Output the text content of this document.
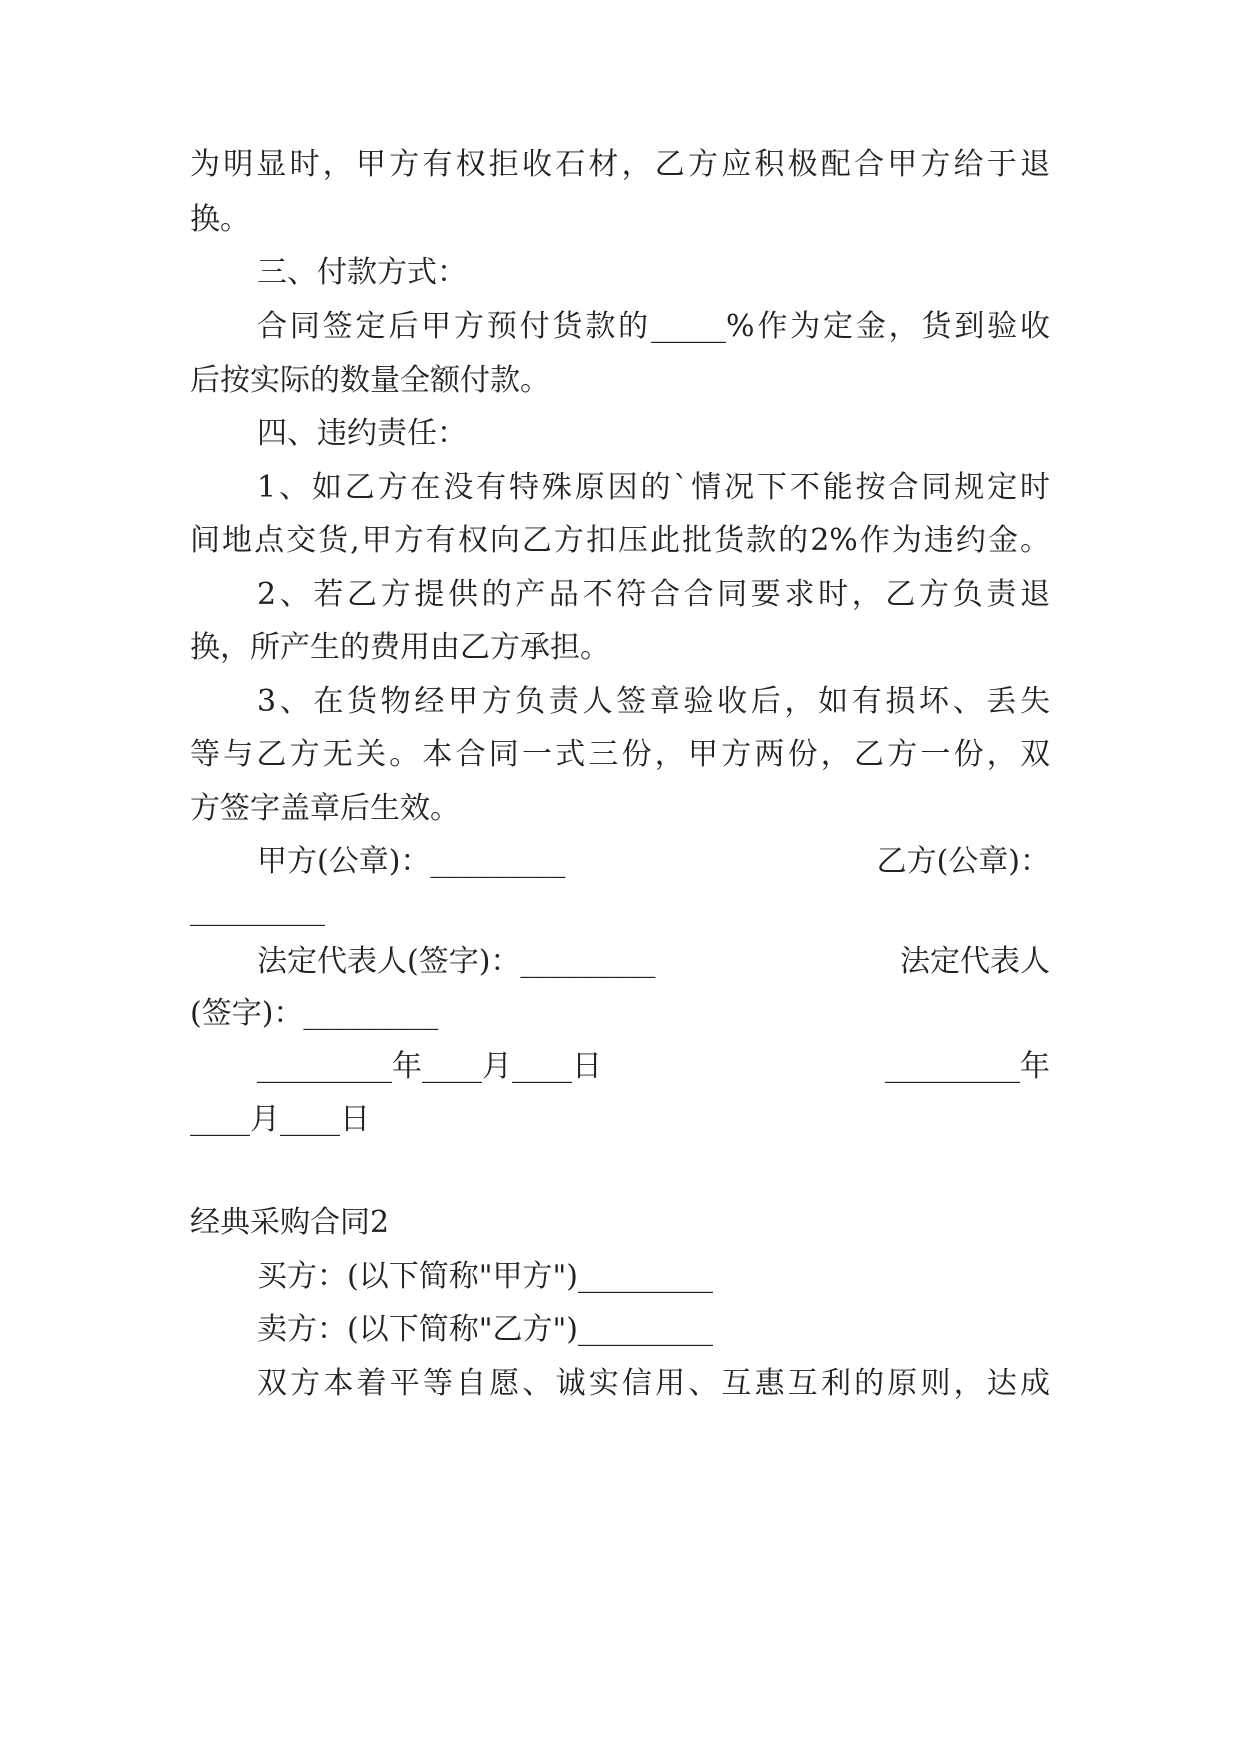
为明显时，甲方有权拒收石材，乙方应积极配合甲方给于退
换。
三、付款方式：
合同签定后甲方预付货款的_____%作为定金，货到验收
后按实际的数量全额付款。
四、违约责任：
1、如乙方在没有特殊原因的`情况下不能按合同规定时
间地点交货,甲方有权向乙方扣压此批货款的2%作为违约金。
2、若乙方提供的产品不符合合同要求时，乙方负责退
换，所产生的费用由乙方承担。
3、在货物经甲方负责人签章验收后，如有损坏、丢失
等与乙方无关。本合同一式三份，甲方两份，乙方一份，双
方签字盖章后生效。
甲方(公章)：_________	乙方(公章)：
_________
法定代表人(签字)：_________	法定代表人
(签字)：_________
_________年____月____日	_________年
____月____日
经典采购合同2
买方：(以下简称"甲方")_________
卖方：(以下简称"乙方")_________
双方本着平等自愿、诚实信用、互惠互利的原则，达成
